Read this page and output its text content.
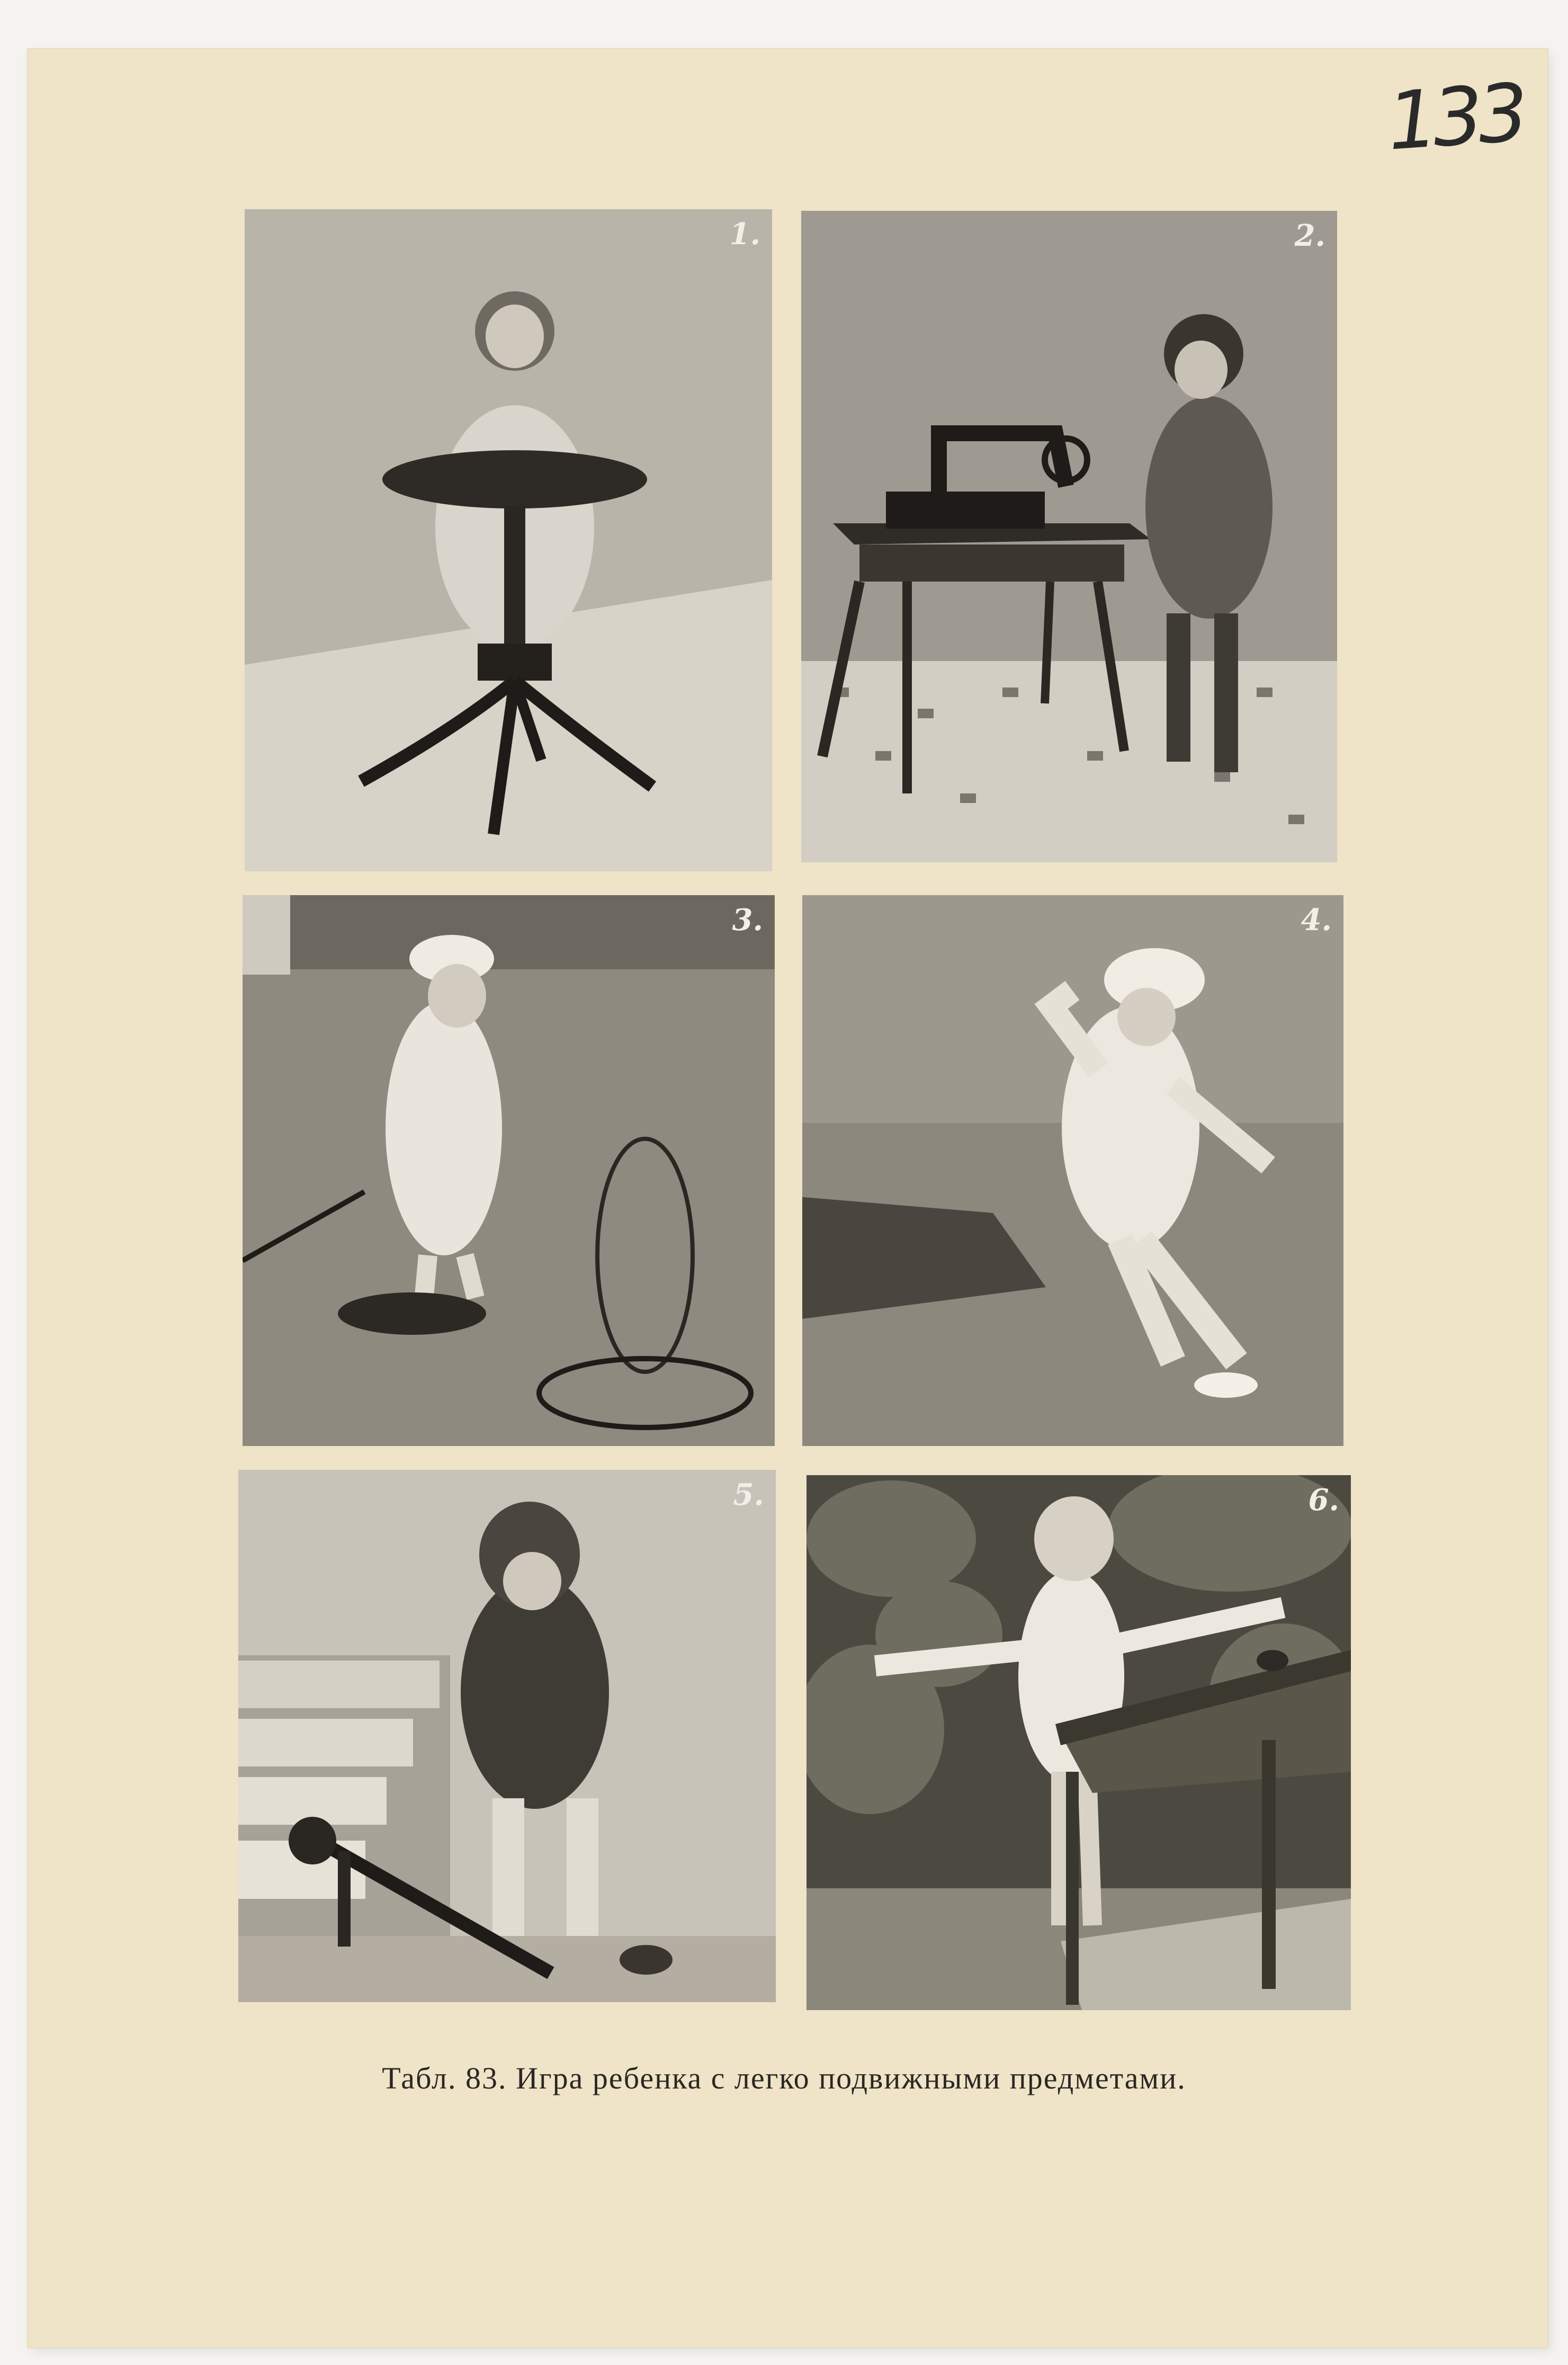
133
1.	2.
3.	4.
5.	6.
Табл. 83. Игра ребенка с легко подвижными предметами.
